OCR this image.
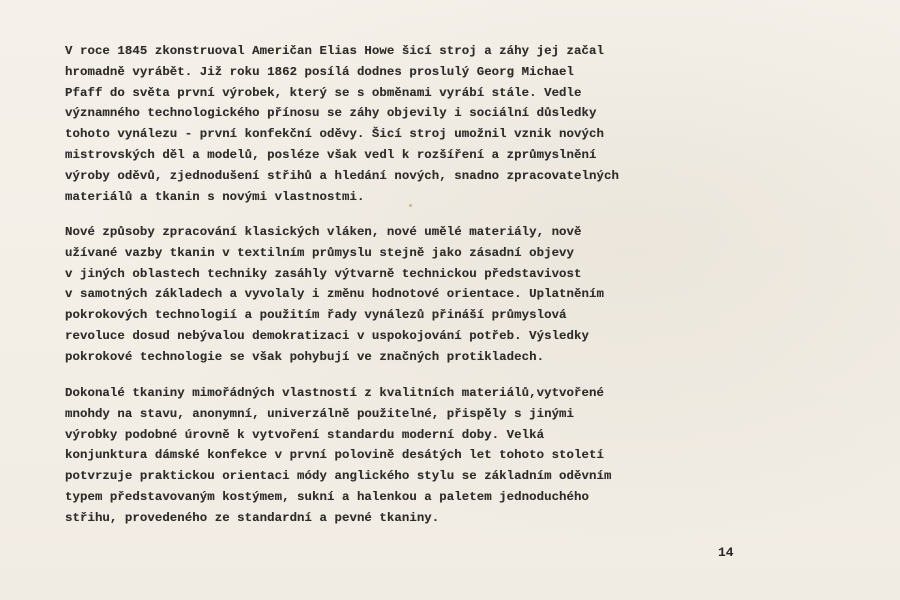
V roce 1845 zkonstruoval Američan Elias Howe šicí stroj a záhy jej začal
hromadně vyrábět. Již roku 1862 posílá dodnes proslulý Georg Michael
Pfaff do světa první výrobek, který se s obměnami vyrábí stále. Vedle
významného technologického přínosu se záhy objevily i sociální důsledky
tohoto vynálezu - první konfekční oděvy. Šicí stroj umožnil vznik nových
mistrovských děl a modelů, posléze však vedl k rozšíření a zprůmyslnění
výroby oděvů, zjednodušení střihů a hledání nových, snadno zpracovatelných
materiálů a tkanin s novými vlastnostmi.
Nové způsoby zpracování klasických vláken, nové umělé materiály, nově
užívané vazby tkanin v textilním průmyslu stejně jako zásadní objevy
v jiných oblastech techniky zasáhly výtvarně technickou představivost
v samotných základech a vyvolaly i změnu hodnotové orientace. Uplatněním
pokrokových technologií a použitím řady vynálezů přináší průmyslová
revoluce dosud nebývalou demokratizaci v uspokojování potřeb. Výsledky
pokrokové technologie se však pohybují ve značných protikladech.
Dokonalé tkaniny mimořádných vlastností z kvalitních materiálů,vytvořené
mnohdy na stavu, anonymní, univerzálně použitelné, přispěly s jinými
výrobky podobné úrovně k vytvoření standardu moderní doby. Velká
konjunktura dámské konfekce v první polovině desátých let tohoto století
potvrzuje praktickou orientaci módy anglického stylu se základním oděvním
typem představovaným kostýmem, sukní a halenkou a paletem jednoduchého
střihu, provedeného ze standardní a pevné tkaniny.
14
